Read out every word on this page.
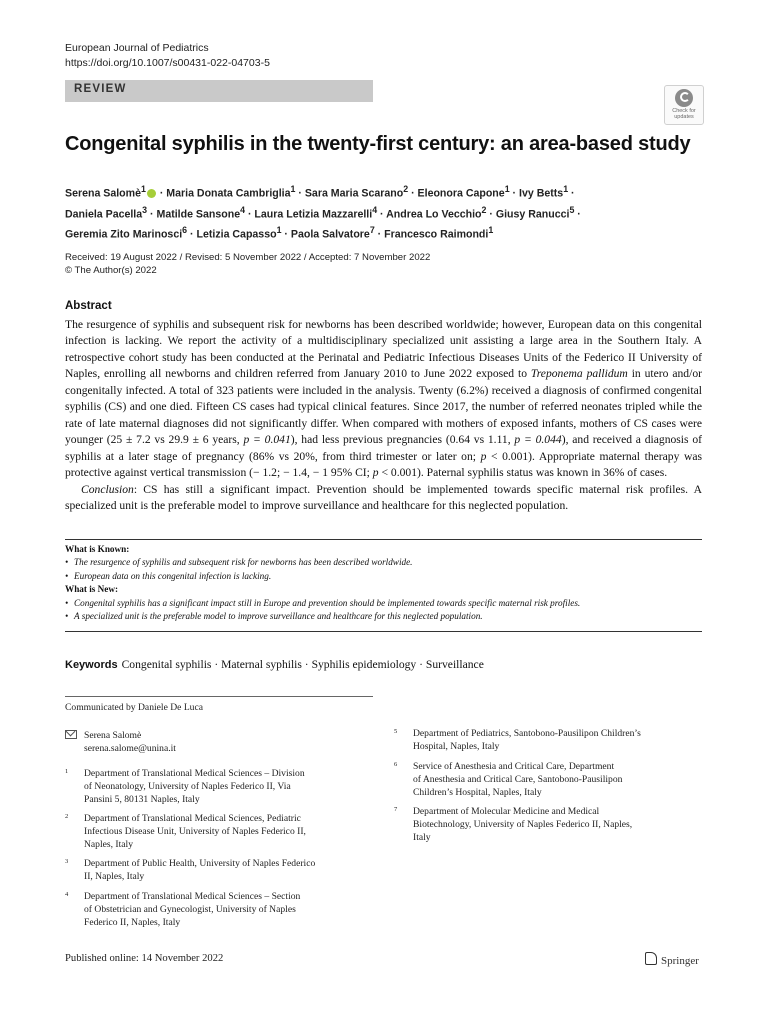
European Journal of Pediatrics
https://doi.org/10.1007/s00431-022-04703-5
REVIEW
Check for
updates
Congenital syphilis in the twenty-first century: an area-based study
Serena Salomè$^1$ · Maria Donata Cambriglia$^1$ · Sara Maria Scarano$^2$ · Eleonora Capone$^1$ · Ivy Betts$^1$ ·
Daniela Pacella$^3$ · Matilde Sansone$^4$ · Laura Letizia Mazzarelli$^4$ · Andrea Lo Vecchio$^2$ · Giusy Ranucci$^5$ ·
Geremia Zito Marinosci$^6$ · Letizia Capasso$^1$ · Paola Salvatore$^7$ · Francesco Raimondi$^1$
Received: 19 August 2022 / Revised: 5 November 2022 / Accepted: 7 November 2022
© The Author(s) 2022
Abstract

The resurgence of syphilis and subsequent risk for newborns has been described worldwide; however, European data on this congenital infection is lacking. We report the activity of a multidisciplinary specialized unit assisting a large area in the Southern Italy. A retrospective cohort study has been conducted at the Perinatal and Pediatric Infectious Diseases Units of the Federico II University of Naples, enrolling all newborns and children referred from January 2010 to June 2022 exposed to Treponema pallidum in utero and/or congenitally infected. A total of 323 patients were included in the analysis. Twenty (6.2%) received a diagnosis of confirmed congenital syphilis (CS) and one died. Fifteen CS cases had typical clinical features. Since 2017, the number of referred neonates tripled while the rate of late maternal diagnoses did not significantly differ. When compared with mothers of exposed infants, mothers of CS cases were younger (25 ± 7.2 vs 29.9 ± 6 years, p = 0.041), had less previous pregnancies (0.64 vs 1.11, p = 0.044), and received a diagnosis of syphilis at a later stage of pregnancy (86% vs 20%, from third trimester or later on; p < 0.001). Appropriate maternal therapy was protective against vertical transmission (− 1.2; − 1.4, − 1 95% CI; p < 0.001). Paternal syphilis status was known in 36% of cases.

Conclusion: CS has still a significant impact. Prevention should be implemented towards specific maternal risk profiles. A specialized unit is the preferable model to improve surveillance and healthcare for this neglected population.

What is Known:
• The resurgence of syphilis and subsequent risk for newborns has been described worldwide.
• European data on this congenital infection is lacking.
What is New:
• Congenital syphilis has a significant impact still in Europe and prevention should be implemented towards specific maternal risk profiles.
• A specialized unit is the preferable model to improve surveillance and healthcare for this neglected population.
Keywords Congenital syphilis · Maternal syphilis · Syphilis epidemiology · Surveillance
Communicated by Daniele De Luca
Serena Salomè
serena.salome@unina.it
1 Department of Translational Medical Sciences – Division
of Neonatology, University of Naples Federico II, Via
Pansini 5, 80131 Naples, Italy
2 Department of Translational Medical Sciences, Pediatric
Infectious Disease Unit, University of Naples Federico II,
Naples, Italy
3 Department of Public Health, University of Naples Federico
II, Naples, Italy
4 Department of Translational Medical Sciences – Section
of Obstetrician and Gynecologist, University of Naples
Federico II, Naples, Italy
5 Department of Pediatrics, Santobono-Pausilipon Children’s
Hospital, Naples, Italy
6 Service of Anesthesia and Critical Care, Department
of Anesthesia and Critical Care, Santobono-Pausilipon
Children’s Hospital, Naples, Italy
7 Department of Molecular Medicine and Medical
Biotechnology, University of Naples Federico II, Naples,
Italy
Published online: 14 November 2022	Springer
